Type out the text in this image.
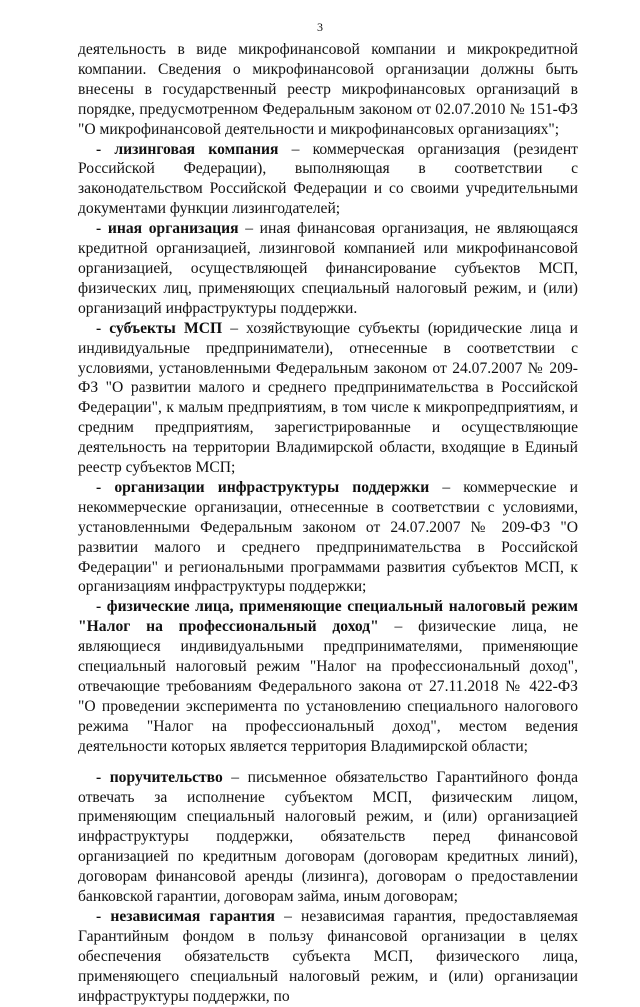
3

деятельность в виде микрофинансовой компании и микрокредитной компании. Сведения о микрофинансовой организации должны быть внесены в государственный реестр микрофинансовых организаций в порядке, предусмотренном Федеральным законом от 02.07.2010 № 151-ФЗ "О микрофинансовой деятельности и микрофинансовых организациях";

- лизинговая компания – коммерческая организация (резидент Российской Федерации), выполняющая в соответствии с законодательством Российской Федерации и со своими учредительными документами функции лизингодателей;

- иная организация – иная финансовая организация, не являющаяся кредитной организацией, лизинговой компанией или микрофинансовой организацией, осуществляющей финансирование субъектов МСП, физических лиц, применяющих специальный налоговый режим, и (или) организаций инфраструктуры поддержки.

- субъекты МСП – хозяйствующие субъекты (юридические лица и индивидуальные предприниматели), отнесенные в соответствии с условиями, установленными Федеральным законом от 24.07.2007 № 209-ФЗ "О развитии малого и среднего предпринимательства в Российской Федерации", к малым предприятиям, в том числе к микропредприятиям, и средним предприятиям, зарегистрированные и осуществляющие деятельность на территории Владимирской области, входящие в Единый реестр субъектов МСП;

- организации инфраструктуры поддержки – коммерческие и некоммерческие организации, отнесенные в соответствии с условиями, установленными Федеральным законом от 24.07.2007 № 209-ФЗ "О развитии малого и среднего предпринимательства в Российской Федерации" и региональными программами развития субъектов МСП, к организациям инфраструктуры поддержки;

- физические лица, применяющие специальный налоговый режим "Налог на профессиональный доход" – физические лица, не являющиеся индивидуальными предпринимателями, применяющие специальный налоговый режим "Налог на профессиональный доход", отвечающие требованиям Федерального закона от 27.11.2018 № 422-ФЗ "О проведении эксперимента по установлению специального налогового режима "Налог на профессиональный доход", местом ведения деятельности которых является территория Владимирской области;

- поручительство – письменное обязательство Гарантийного фонда отвечать за исполнение субъектом МСП, физическим лицом, применяющим специальный налоговый режим, и (или) организацией инфраструктуры поддержки, обязательств перед финансовой организацией по кредитным договорам (договорам кредитных линий), договорам финансовой аренды (лизинга), договорам о предоставлении банковской гарантии, договорам займа, иным договорам;

- независимая гарантия – независимая гарантия, предоставляемая Гарантийным фондом в пользу финансовой организации в целях обеспечения обязательств субъекта МСП, физического лица, применяющего специальный налоговый режим, и (или) организации инфраструктуры поддержки, по
